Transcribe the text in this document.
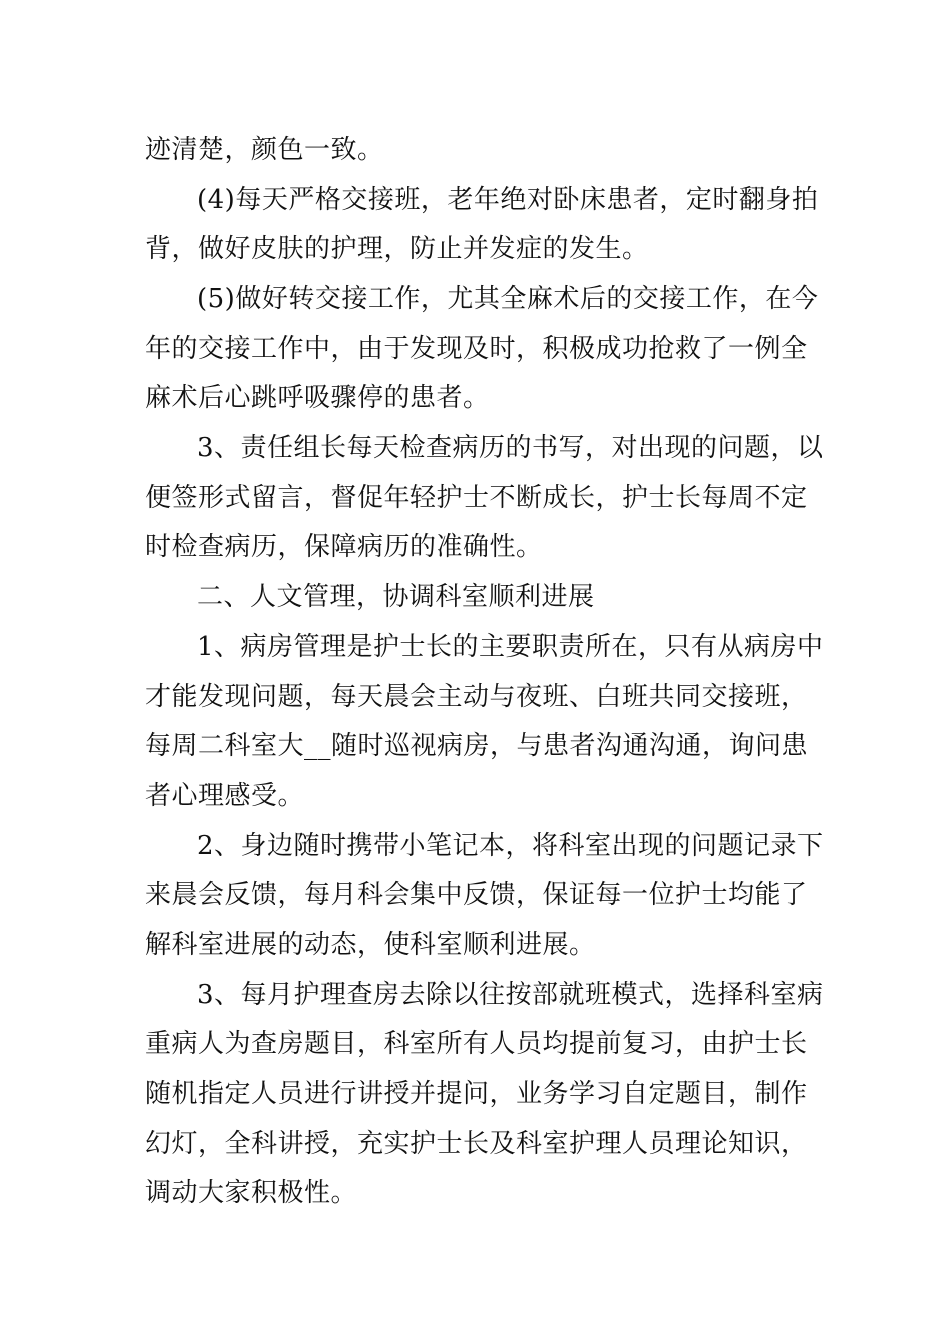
迹清楚，颜色一致。
(4)每天严格交接班，老年绝对卧床患者，定时翻身拍
背，做好皮肤的护理，防止并发症的发生。
(5)做好转交接工作，尤其全麻术后的交接工作，在今
年的交接工作中，由于发现及时，积极成功抢救了一例全
麻术后心跳呼吸骤停的患者。
3、责任组长每天检查病历的书写，对出现的问题，以
便签形式留言，督促年轻护士不断成长，护士长每周不定
时检查病历，保障病历的准确性。
二、人文管理，协调科室顺利进展
1、病房管理是护士长的主要职责所在，只有从病房中
才能发现问题，每天晨会主动与夜班、白班共同交接班，
每周二科室大__随时巡视病房，与患者沟通沟通，询问患
者心理感受。
2、身边随时携带小笔记本，将科室出现的问题记录下
来晨会反馈，每月科会集中反馈，保证每一位护士均能了
解科室进展的动态，使科室顺利进展。
3、每月护理查房去除以往按部就班模式，选择科室病
重病人为查房题目，科室所有人员均提前复习，由护士长
随机指定人员进行讲授并提问，业务学习自定题目，制作
幻灯，全科讲授，充实护士长及科室护理人员理论知识，
调动大家积极性。
